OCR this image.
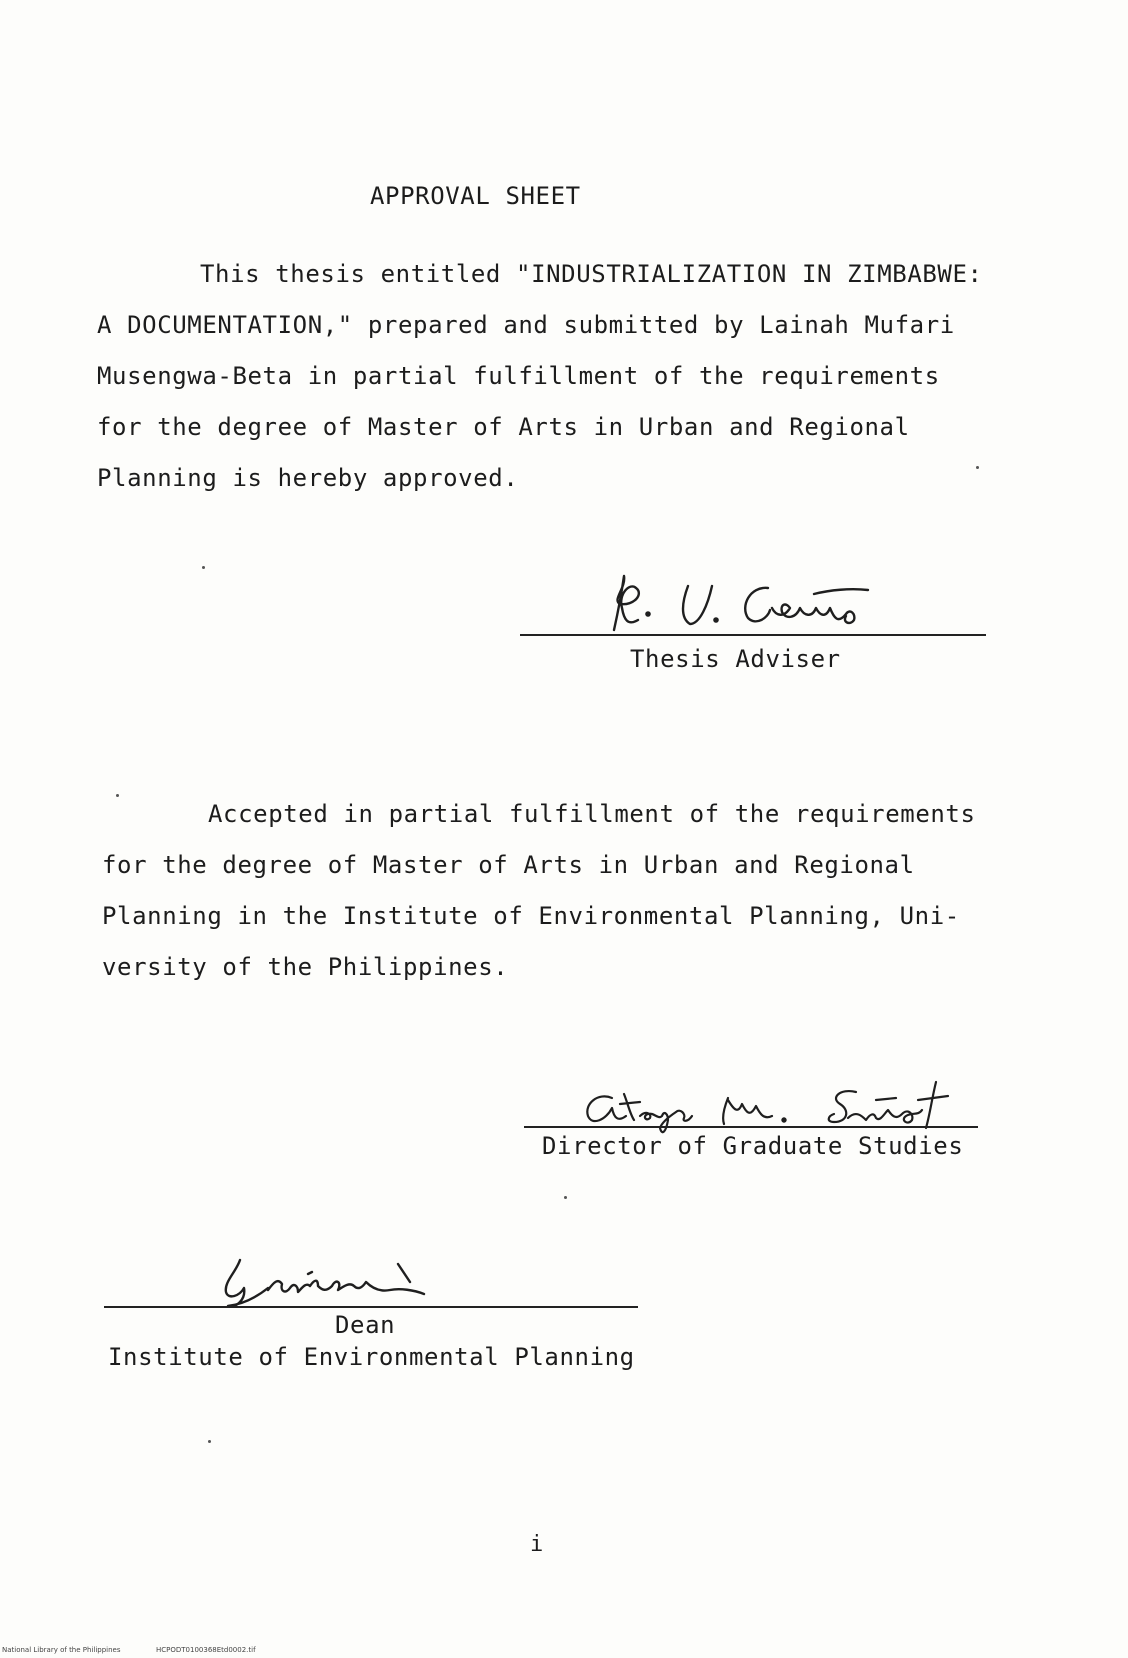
APPROVAL SHEET
This thesis entitled "INDUSTRIALIZATION IN ZIMBABWE:
A DOCUMENTATION," prepared and submitted by Lainah Mufari
Musengwa-Beta in partial fulfillment of the requirements
for the degree of Master of Arts in Urban and Regional
Planning is hereby approved.
Thesis Adviser
Accepted in partial fulfillment of the requirements
for the degree of Master of Arts in Urban and Regional
Planning in the Institute of Environmental Planning, Uni-
versity of the Philippines.
Director of Graduate Studies
Dean
Institute of Environmental Planning
i
National Library of the Philippines	HCPODT0100368Etd0002.tif
